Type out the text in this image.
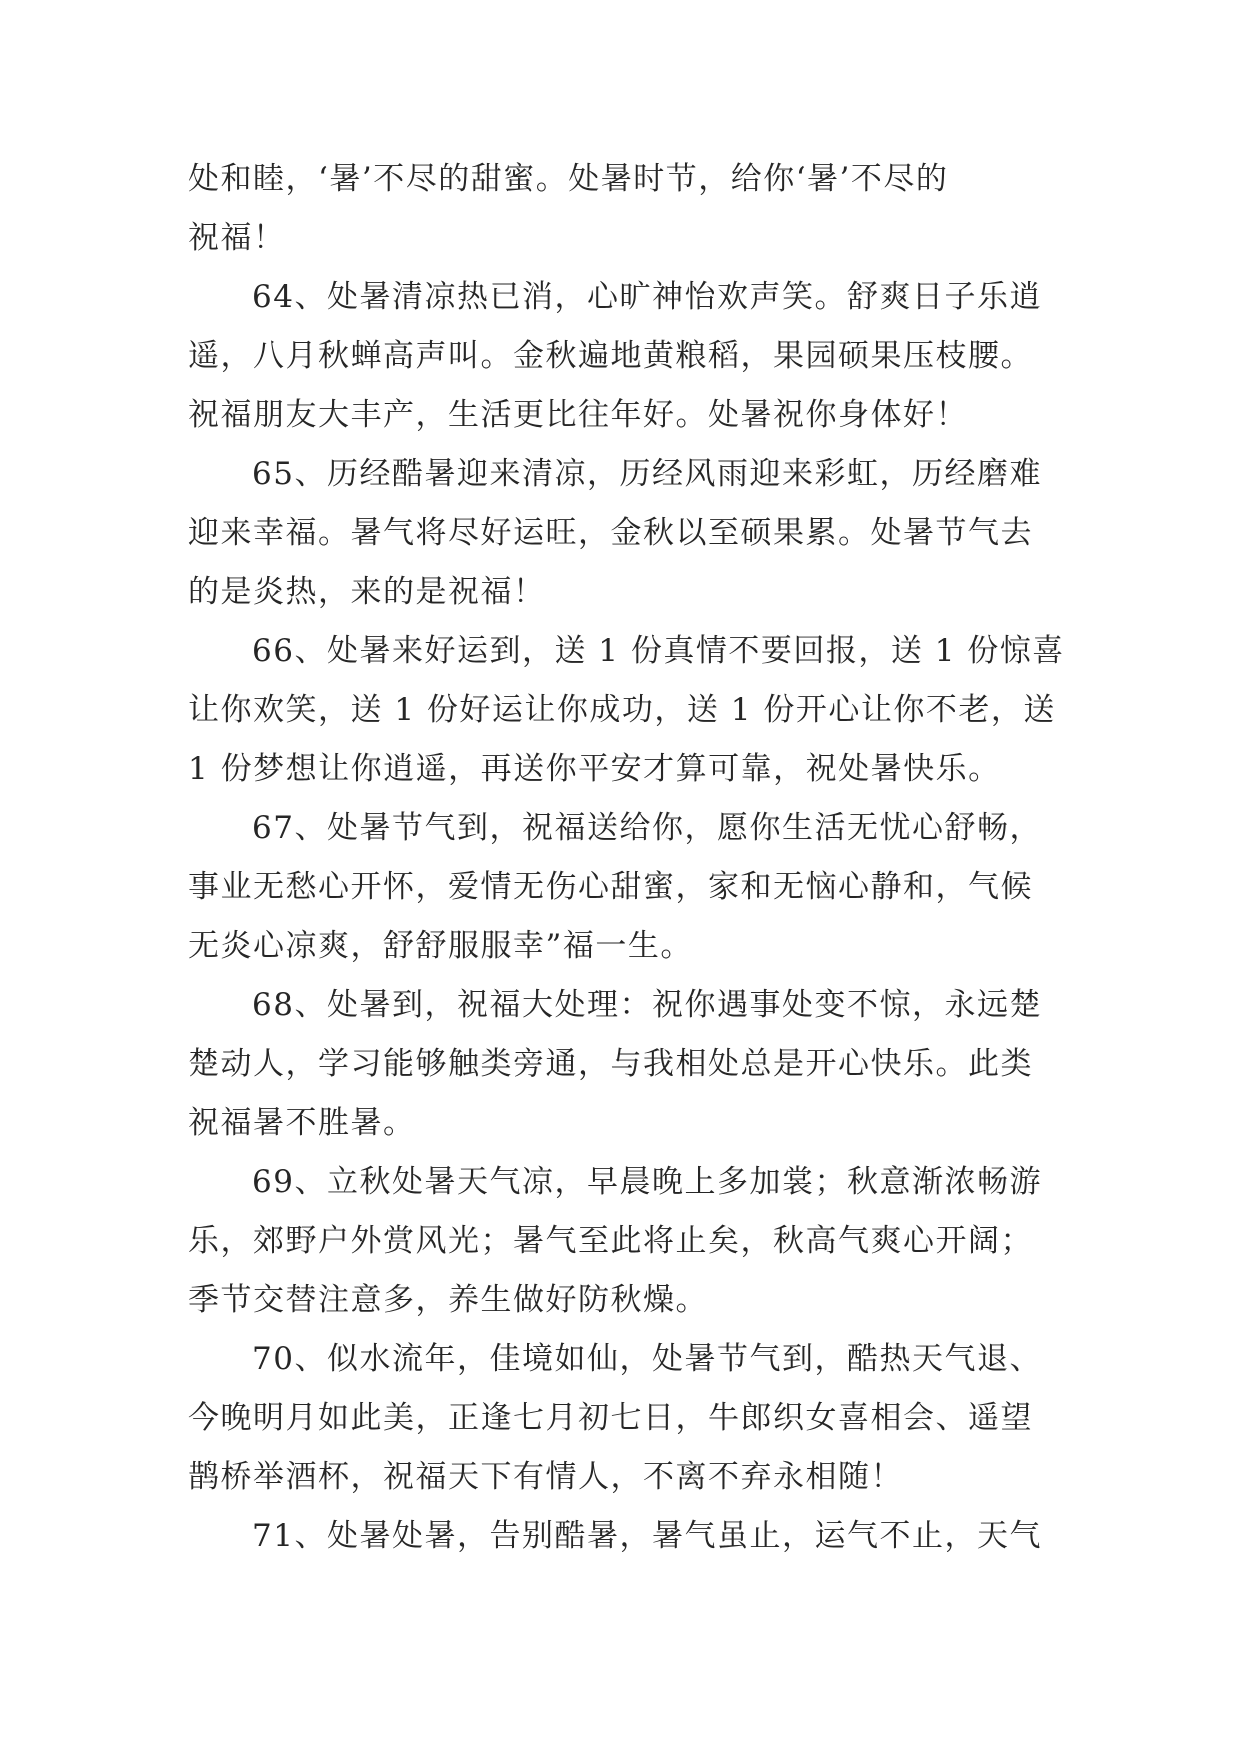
处和睦，‘暑’不尽的甜蜜。处暑时节，给你‘暑’不尽的
祝福！
64、处暑清凉热已消，心旷神怡欢声笑。舒爽日子乐逍
遥，八月秋蝉高声叫。金秋遍地黄粮稻，果园硕果压枝腰。
祝福朋友大丰产，生活更比往年好。处暑祝你身体好！
65、历经酷暑迎来清凉，历经风雨迎来彩虹，历经磨难
迎来幸福。暑气将尽好运旺，金秋以至硕果累。处暑节气去
的是炎热，来的是祝福！
66、处暑来好运到，送 1 份真情不要回报，送 1 份惊喜
让你欢笑，送 1 份好运让你成功，送 1 份开心让你不老，送
1 份梦想让你逍遥，再送你平安才算可靠，祝处暑快乐。
67、处暑节气到，祝福送给你，愿你生活无忧心舒畅，
事业无愁心开怀，爱情无伤心甜蜜，家和无恼心静和，气候
无炎心凉爽，舒舒服服幸”福一生。
68、处暑到，祝福大处理：祝你遇事处变不惊，永远楚
楚动人，学习能够触类旁通，与我相处总是开心快乐。此类
祝福暑不胜暑。
69、立秋处暑天气凉，早晨晚上多加裳；秋意渐浓畅游
乐，郊野户外赏风光；暑气至此将止矣，秋高气爽心开阔；
季节交替注意多，养生做好防秋燥。
70、似水流年，佳境如仙，处暑节气到，酷热天气退、
今晚明月如此美，正逢七月初七日，牛郎织女喜相会、遥望
鹊桥举酒杯，祝福天下有情人，不离不弃永相随！
71、处暑处暑，告别酷暑，暑气虽止，运气不止，天气
